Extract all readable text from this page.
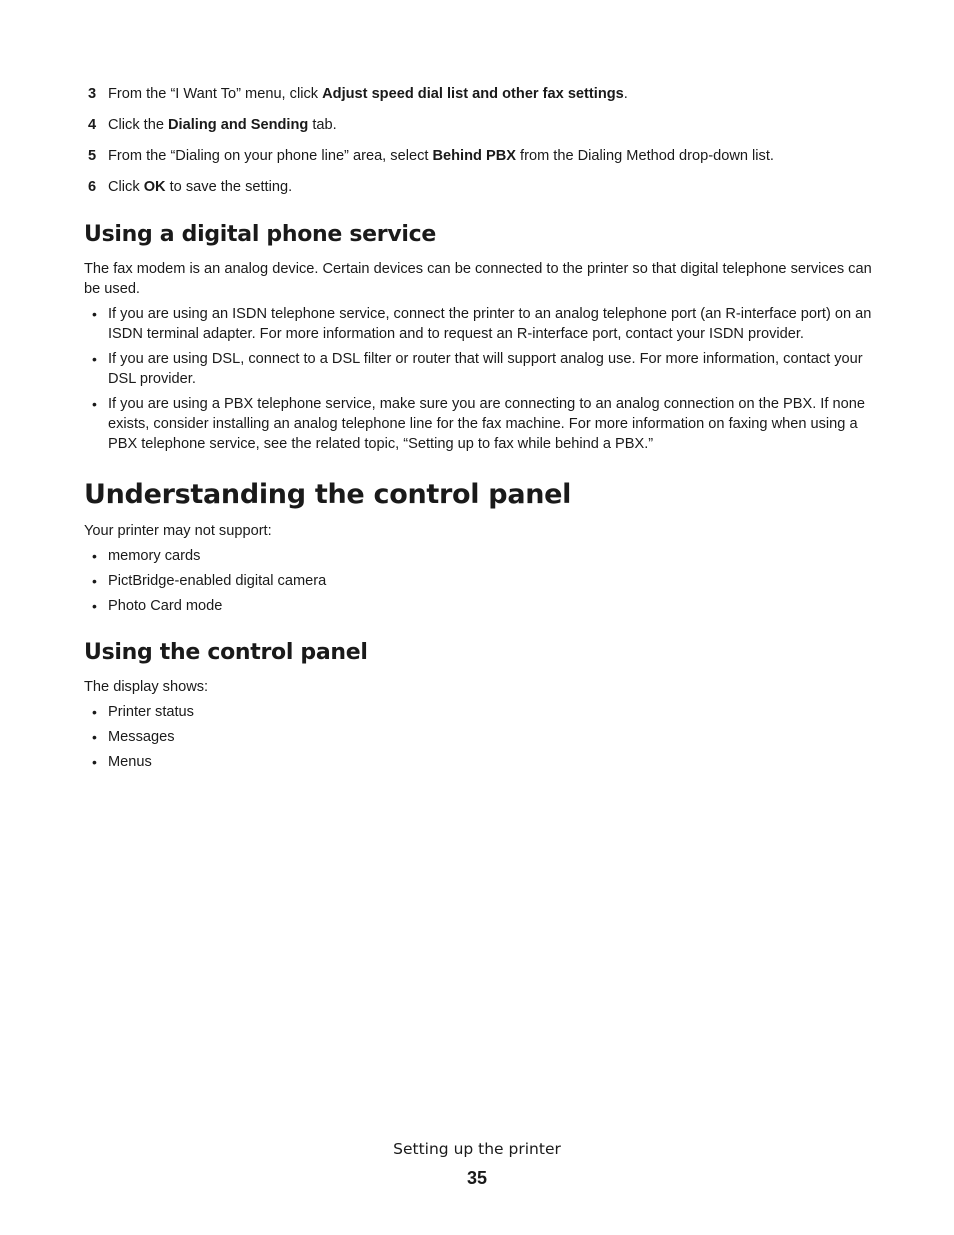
3 From the “I Want To” menu, click Adjust speed dial list and other fax settings.
4 Click the Dialing and Sending tab.
5 From the “Dialing on your phone line” area, select Behind PBX from the Dialing Method drop-down list.
6 Click OK to save the setting.
Using a digital phone service

The fax modem is an analog device. Certain devices can be connected to the printer so that digital telephone services can be used.

• If you are using an ISDN telephone service, connect the printer to an analog telephone port (an R-interface port) on an ISDN terminal adapter. For more information and to request an R-interface port, contact your ISDN provider.
• If you are using DSL, connect to a DSL filter or router that will support analog use. For more information, contact your DSL provider.
• If you are using a PBX telephone service, make sure you are connecting to an analog connection on the PBX. If none exists, consider installing an analog telephone line for the fax machine. For more information on faxing when using a PBX telephone service, see the related topic, “Setting up to fax while behind a PBX.”
Understanding the control panel

Your printer may not support:

• memory cards
• PictBridge-enabled digital camera
• Photo Card mode
Using the control panel

The display shows:

• Printer status
• Messages
• Menus
Setting up the printer
35
